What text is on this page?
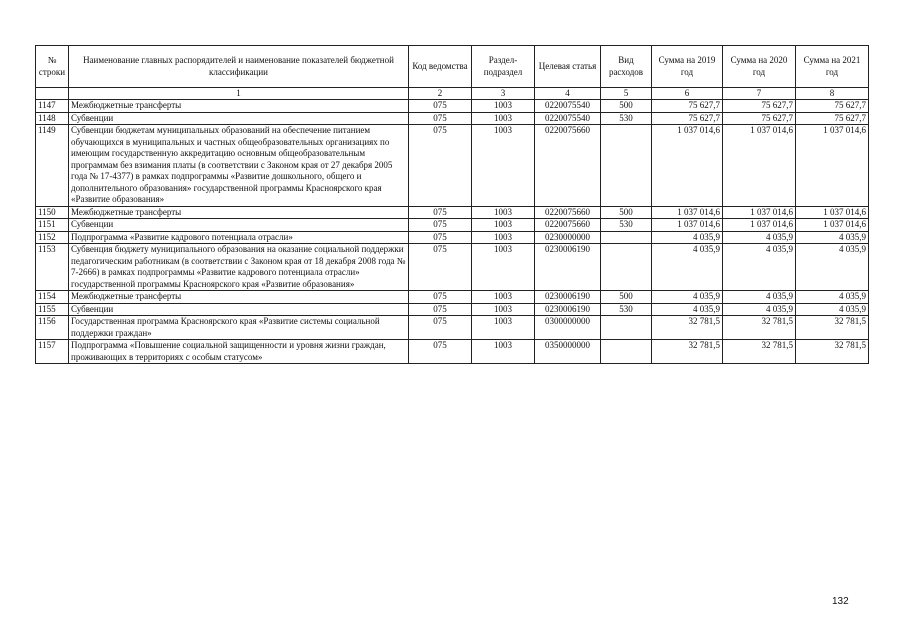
№ строки	Наименование главных распорядителей и наименование показателей бюджетной классификации	Код ведомства	Раздел-подраздел	Целевая статья	Вид расходов	Сумма на 2019 год	Сумма на 2020 год	Сумма на 2021 год
	1	2	3	4	5	6	7	8
1147	Межбюджетные трансферты	075	1003	0220075540	500	75 627,7	75 627,7	75 627,7
1148	Субвенции	075	1003	0220075540	530	75 627,7	75 627,7	75 627,7
1149	Субвенции бюджетам муниципальных образований на обеспечение питанием обучающихся в муниципальных и частных общеобразовательных организациях по имеющим государственную аккредитацию основным общеобразовательным программам без взимания платы (в соответствии с Законом края от 27 декабря 2005 года № 17-4377) в рамках подпрограммы «Развитие дошкольного, общего и дополнительного образования» государственной программы Красноярского края «Развитие образования»	075	1003	0220075660		1 037 014,6	1 037 014,6	1 037 014,6
1150	Межбюджетные трансферты	075	1003	0220075660	500	1 037 014,6	1 037 014,6	1 037 014,6
1151	Субвенции	075	1003	0220075660	530	1 037 014,6	1 037 014,6	1 037 014,6
1152	Подпрограмма «Развитие кадрового потенциала отрасли»	075	1003	0230000000		4 035,9	4 035,9	4 035,9
1153	Субвенция бюджету муниципального образования на оказание социальной поддержки педагогическим работникам (в соответствии с Законом края от 18 декабря 2008 года № 7-2666) в рамках подпрограммы «Развитие кадрового потенциала отрасли» государственной программы Красноярского края «Развитие образования»	075	1003	0230006190		4 035,9	4 035,9	4 035,9
1154	Межбюджетные трансферты	075	1003	0230006190	500	4 035,9	4 035,9	4 035,9
1155	Субвенции	075	1003	0230006190	530	4 035,9	4 035,9	4 035,9
1156	Государственная программа Красноярского края «Развитие системы социальной поддержки граждан»	075	1003	0300000000		32 781,5	32 781,5	32 781,5
1157	Подпрограмма «Повышение социальной защищенности и уровня жизни граждан, проживающих в территориях с особым статусом»	075	1003	0350000000		32 781,5	32 781,5	32 781,5
132
